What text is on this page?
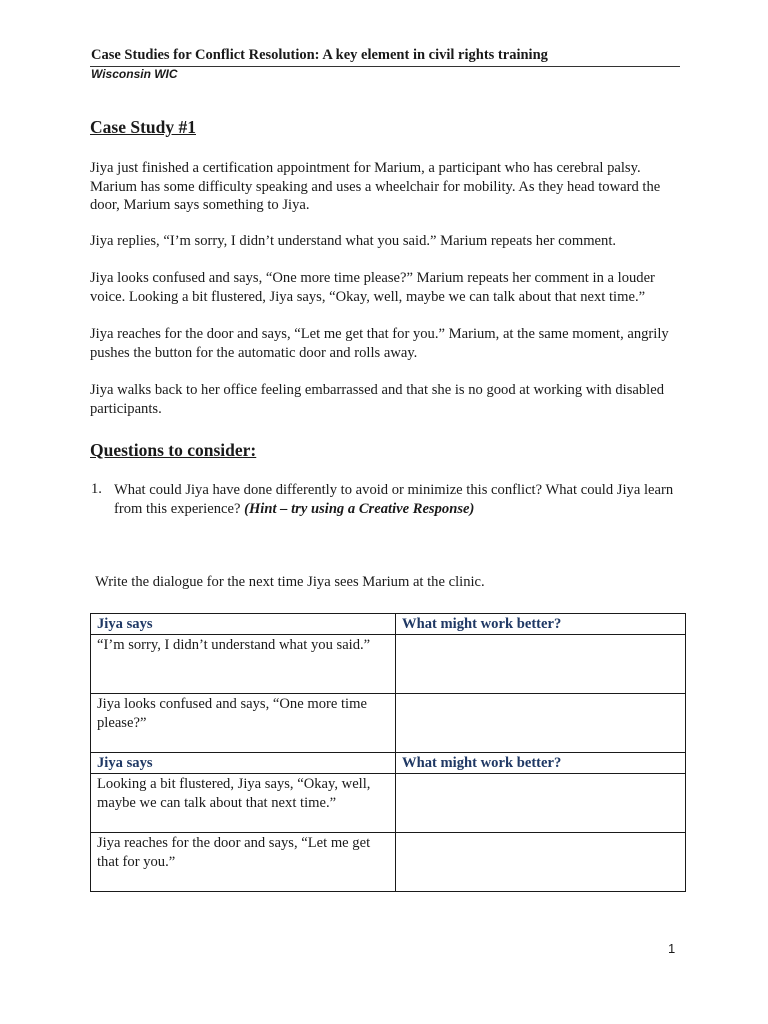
Case Studies for Conflict Resolution: A key element in civil rights training
Wisconsin WIC
Case Study #1

Jiya just finished a certification appointment for Marium, a participant who has cerebral palsy. Marium has some difficulty speaking and uses a wheelchair for mobility. As they head toward the door, Marium says something to Jiya.

Jiya replies, “I’m sorry, I didn’t understand what you said.” Marium repeats her comment.

Jiya looks confused and says, “One more time please?” Marium repeats her comment in a louder voice. Looking a bit flustered, Jiya says, “Okay, well, maybe we can talk about that next time.”

Jiya reaches for the door and says, “Let me get that for you.” Marium, at the same moment, angrily pushes the button for the automatic door and rolls away.

Jiya walks back to her office feeling embarrassed and that she is no good at working with disabled participants.

Questions to consider:
1. What could Jiya have done differently to avoid or minimize this conflict? What could Jiya learn from this experience? (Hint – try using a Creative Response)

Write the dialogue for the next time Jiya sees Marium at the clinic.
Jiya says	What might work better?
“I’m sorry, I didn’t understand what you said.”	
Jiya looks confused and says, “One more time please?”	
Jiya says	What might work better?
Looking a bit flustered, Jiya says, “Okay, well, maybe we can talk about that next time.”	
Jiya reaches for the door and says, “Let me get that for you.”	
1
